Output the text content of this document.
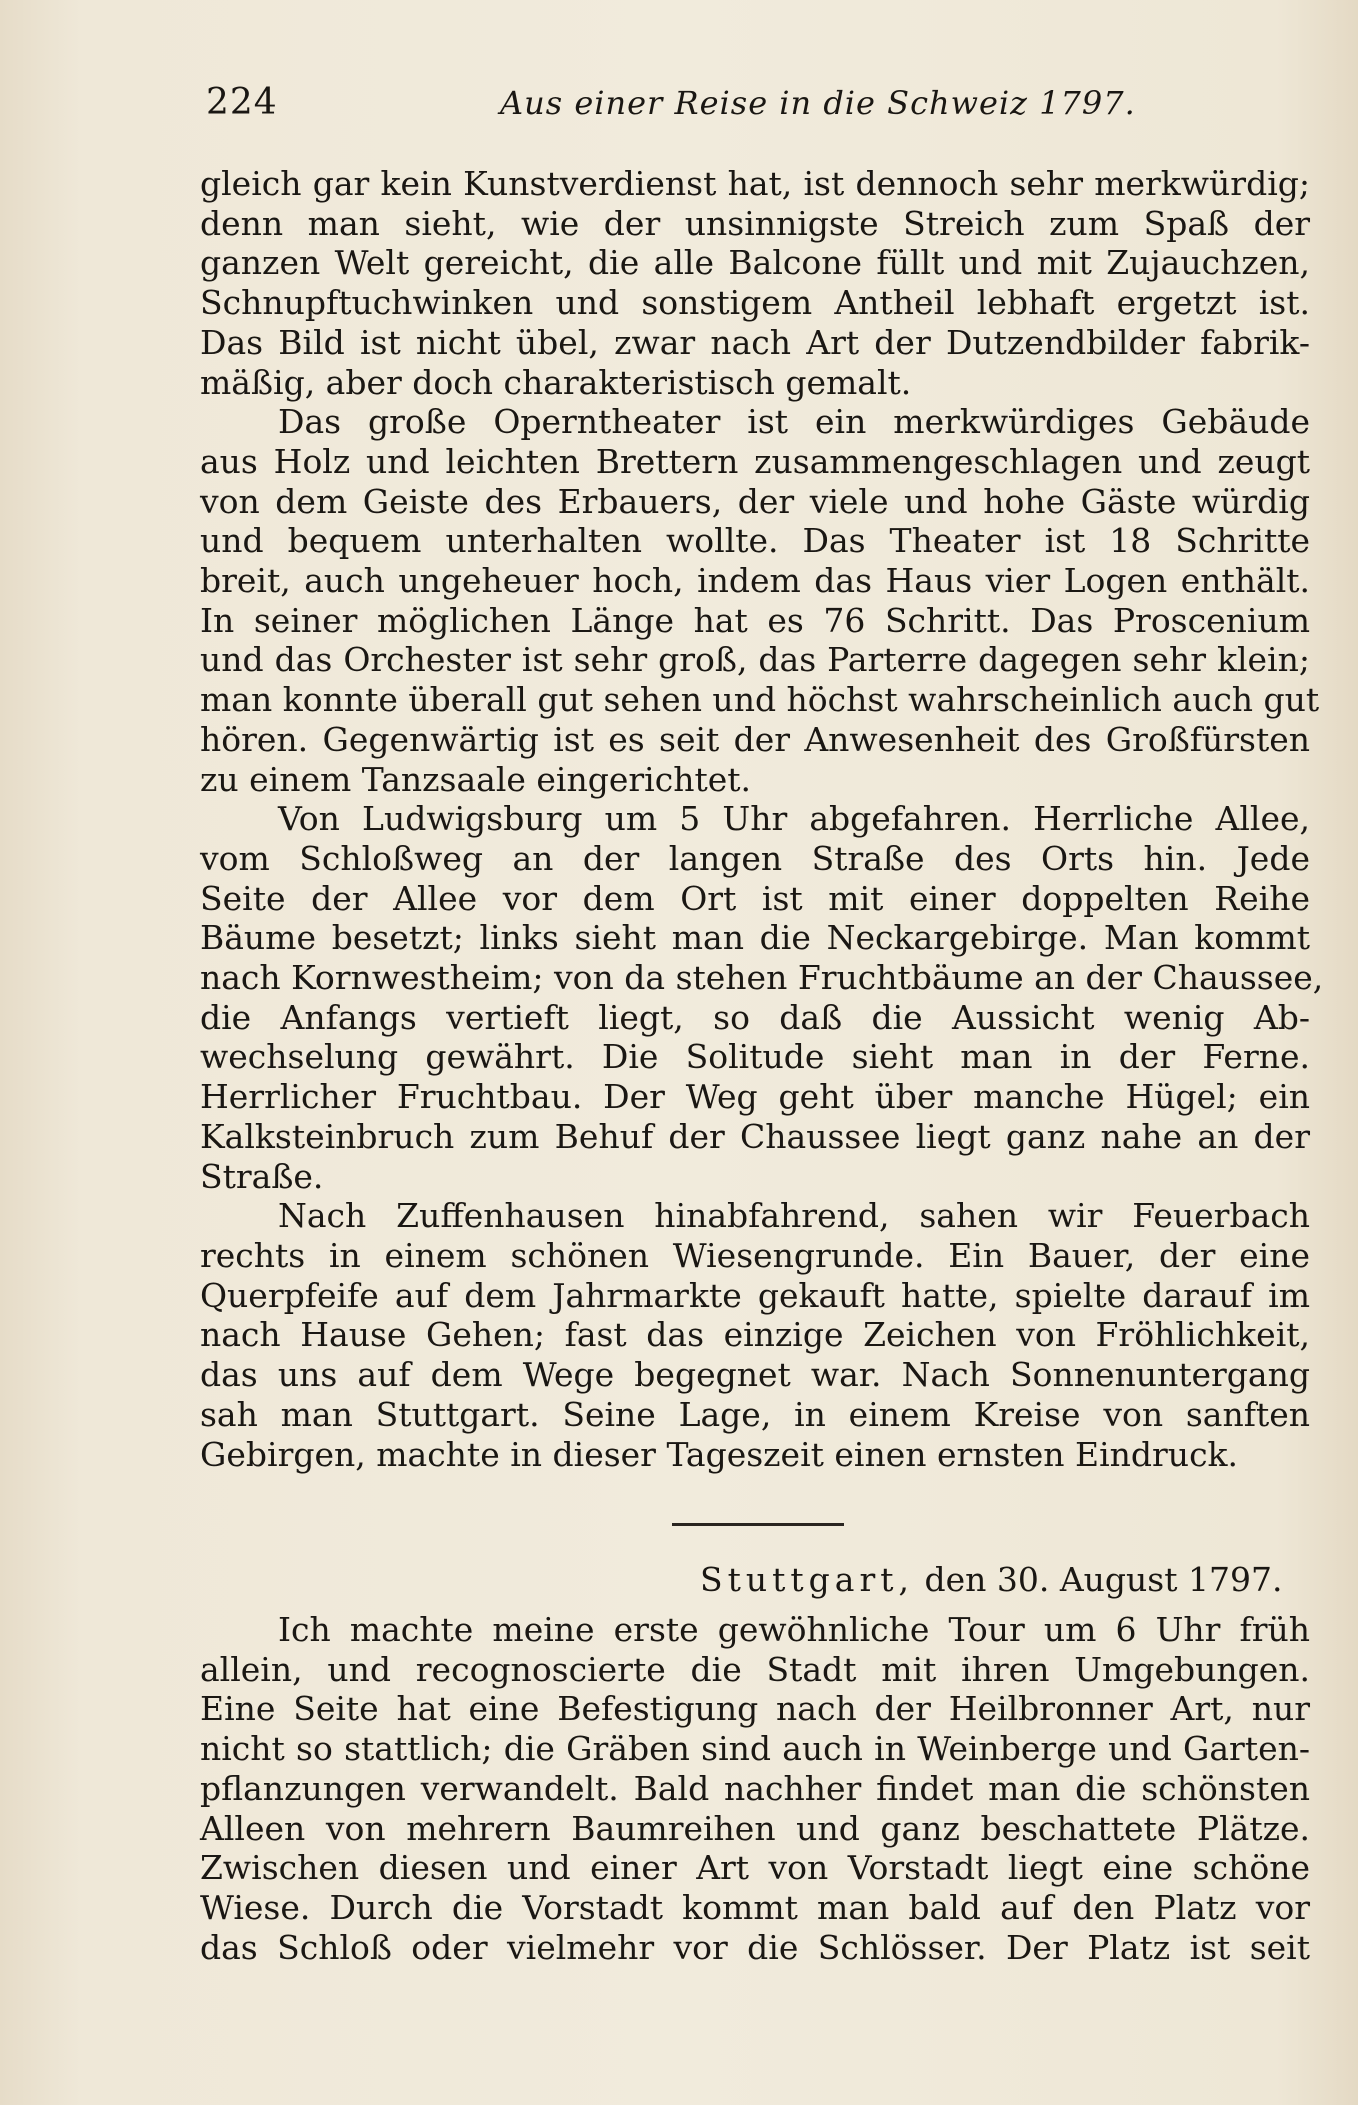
224	Aus einer Reise in die Schweiz 1797.
gleich gar kein Kunstverdienst hat, ist dennoch sehr merkwürdig;
denn man sieht, wie der unsinnigste Streich zum Spaß der
ganzen Welt gereicht, die alle Balcone füllt und mit Zujauchzen,
Schnupftuchwinken und sonstigem Antheil lebhaft ergetzt ist.
Das Bild ist nicht übel, zwar nach Art der Dutzendbilder fabrik-
mäßig, aber doch charakteristisch gemalt.
Das große Opernthеater ist ein merkwürdiges Gebäude
aus Holz und leichten Brettern zusammengeschlagen und zeugt
von dem Geiste des Erbauers, der viele und hohe Gäste würdig
und bequem unterhalten wollte. Das Theater ist 18 Schritte
breit, auch ungeheuer hoch, indem das Haus vier Logen enthält.
In seiner möglichen Länge hat es 76 Schritt. Das Proscenium
und das Orchester ist sehr groß, das Parterre dagegen sehr klein;
man konnte überall gut sehen und höchst wahrscheinlich auch gut
hören. Gegenwärtig ist es seit der Anwesenheit des Großfürsten
zu einem Tanzsaale eingerichtet.
Von Ludwigsburg um 5 Uhr abgefahren. Herrliche Allee,
vom Schloßweg an der langen Straße des Orts hin. Jede
Seite der Allee vor dem Ort ist mit einer doppelten Reihe
Bäume besetzt; links sieht man die Neckargebirge. Man kommt
nach Kornwestheim; von da stehen Fruchtbäume an der Chaussee,
die Anfangs vertieft liegt, so daß die Aussicht wenig Ab-
wechselung gewährt. Die Solitude sieht man in der Ferne.
Herrlicher Fruchtbau. Der Weg geht über manche Hügel; ein
Kalksteinbruch zum Behuf der Chaussee liegt ganz nahe an der
Straße.
Nach Zuffenhausen hinabfahrend, sahen wir Feuerbach
rechts in einem schönen Wiesengrunde. Ein Bauer, der eine
Querpfeife auf dem Jahrmarkte gekauft hatte, spielte darauf im
nach Hause Gehen; fast das einzige Zeichen von Fröhlichkeit,
das uns auf dem Wege begegnet war. Nach Sonnenuntergang
sah man Stuttgart. Seine Lage, in einem Kreise von sanften
Gebirgen, machte in dieser Tageszeit einen ernsten Eindruck.
Stuttgart, den 30. August 1797.
Ich machte meine erste gewöhnliche Tour um 6 Uhr früh
allein, und recognoscierte die Stadt mit ihren Umgebungen.
Eine Seite hat eine Befestigung nach der Heilbronner Art, nur
nicht so stattlich; die Gräben sind auch in Weinberge und Garten-
pflanzungen verwandelt. Bald nachher findet man die schönsten
Alleen von mehrern Baumreihen und ganz beschattete Plätze.
Zwischen diesen und einer Art von Vorstadt liegt eine schöne
Wiese. Durch die Vorstadt kommt man bald auf den Platz vor
das Schloß oder vielmehr vor die Schlösser. Der Platz ist seit
